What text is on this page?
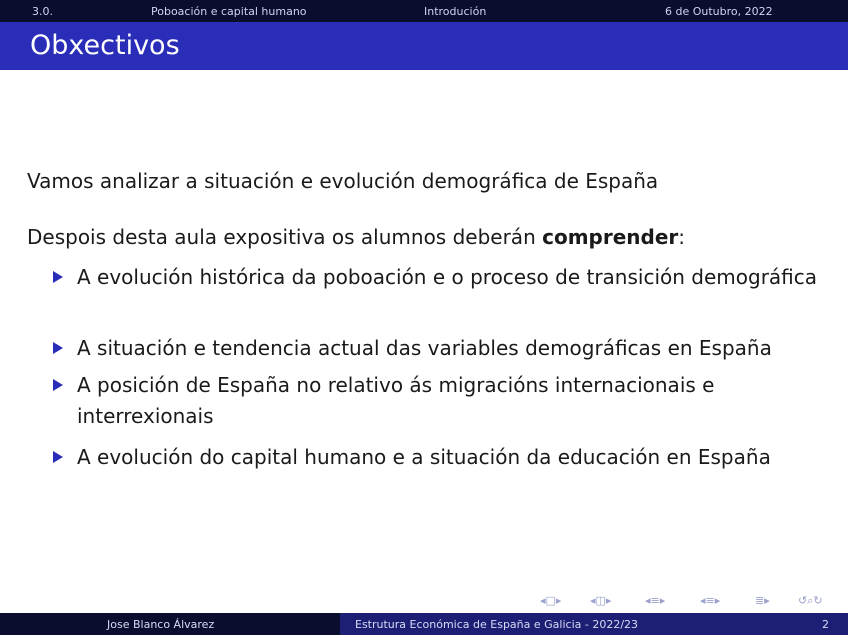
3.0.	Poboación e capital humano	Introdución	6 de Outubro, 2022
Obxectivos
Vamos analizar a situación e evolución demográfica de España
Despois desta aula expositiva os alumnos deberán comprender:
A evolución histórica da poboación e o proceso de transición demográfica
A situación e tendencia actual das variables demográficas en España
A posición de España no relativo ás migracións internacionais e interrexionais
A evolución do capital humano e a situación da educación en España
◂□▸	◂◫▸	◂≡▸	◂≡▸	≣▸	↺⌕↻
Jose Blanco Álvarez	Estrutura Económica de España e Galicia - 2022/23	2
